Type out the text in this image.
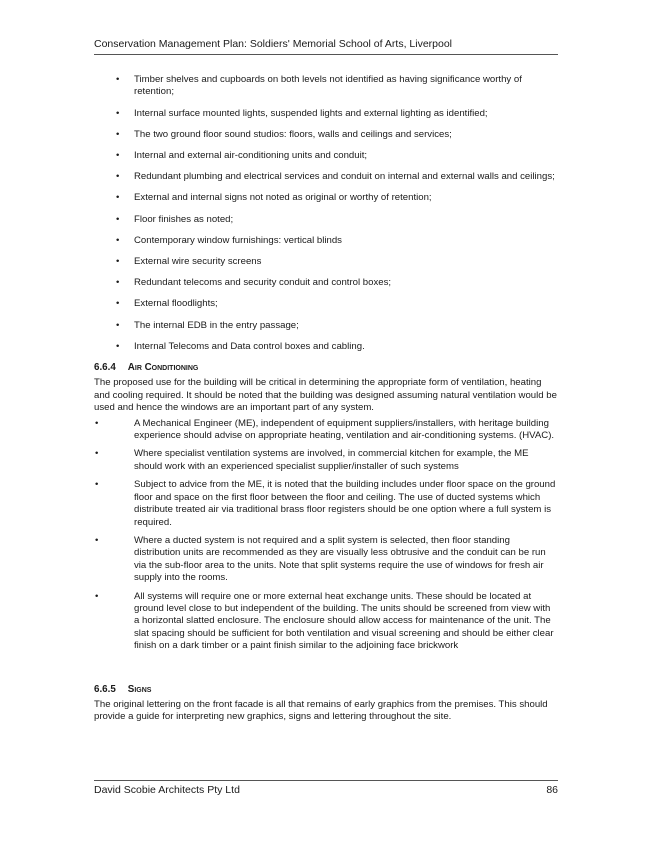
Conservation Management Plan: Soldiers' Memorial School of Arts, Liverpool
• Timber shelves and cupboards on both levels not identified as having significance worthy of retention;
• Internal surface mounted lights, suspended lights and external lighting as identified;
• The two ground floor sound studios: floors, walls and ceilings and services;
• Internal and external air-conditioning units and conduit;
• Redundant plumbing and electrical services and conduit on internal and external walls and ceilings;
• External and internal signs not noted as original or worthy of retention;
• Floor finishes as noted;
• Contemporary window furnishings: vertical blinds
• External wire security screens
• Redundant telecoms and security conduit and control boxes;
• External floodlights;
• The internal EDB in the entry passage;
• Internal Telecoms and Data control boxes and cabling.
6.6.4 Air Conditioning

The proposed use for the building will be critical in determining the appropriate form of ventilation, heating and cooling required. It should be noted that the building was designed assuming natural ventilation would be used and hence the windows are an important part of any system.

•	A Mechanical Engineer (ME), independent of equipment suppliers/installers, with heritage building experience should advise on appropriate heating, ventilation and air-conditioning systems. (HVAC).
•	Where specialist ventilation systems are involved, in commercial kitchen for example, the ME should work with an experienced specialist supplier/installer of such systems
•	Subject to advice from the ME, it is noted that the building includes under floor space on the ground floor and space on the first floor between the floor and ceiling. The use of ducted systems which distribute treated air via traditional brass floor registers should be one option where a full system is required.
•	Where a ducted system is not required and a split system is selected, then floor standing distribution units are recommended as they are visually less obtrusive and the conduit can be run via the sub-floor area to the units. Note that split systems require the use of windows for fresh air supply into the rooms.
•	All systems will require one or more external heat exchange units. These should be located at ground level close to but independent of the building. The units should be screened from view with a horizontal slatted enclosure. The enclosure should allow access for maintenance of the unit. The slat spacing should be sufficient for both ventilation and visual screening and should be either clear finish on a dark timber or a paint finish similar to the adjoining face brickwork
6.6.5 Signs

The original lettering on the front facade is all that remains of early graphics from the premises. This should provide a guide for interpreting new graphics, signs and lettering throughout the site.

David Scobie Architects Pty Ltd	86
